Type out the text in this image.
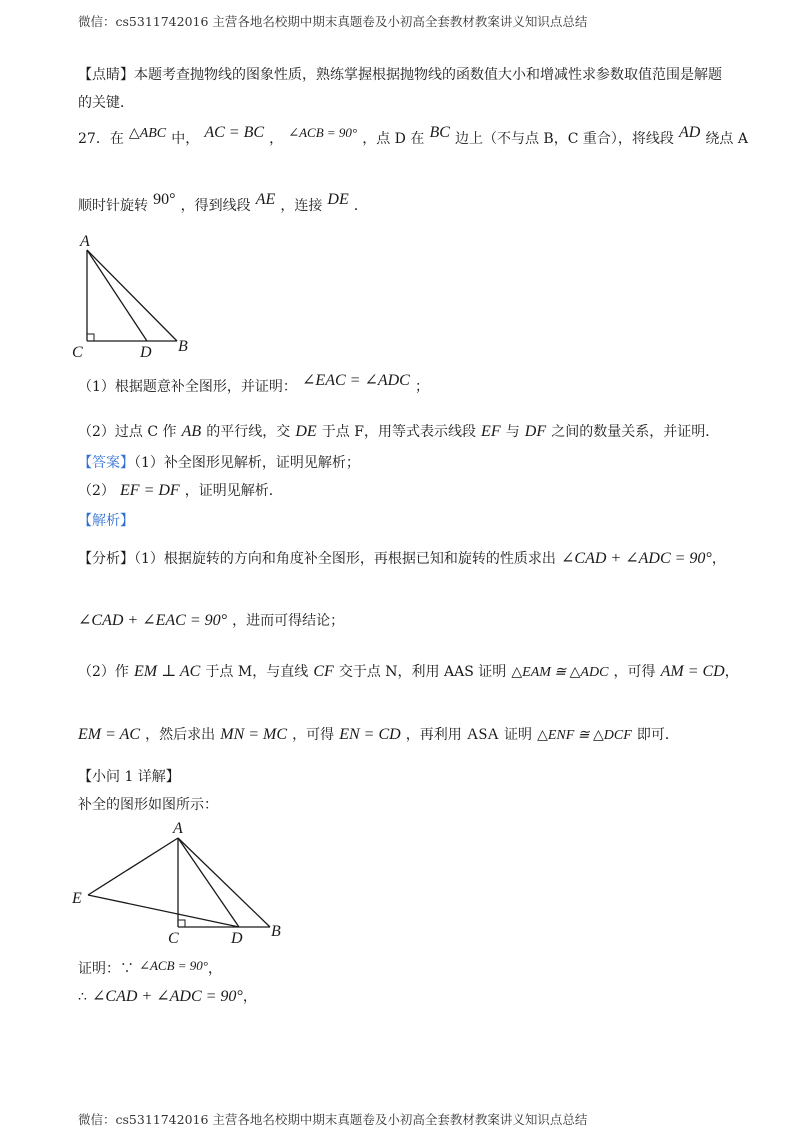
微信：cs5311742016 主营各地名校期中期末真题卷及小初高全套教材教案讲义知识点总结
【点睛】本题考查抛物线的图象性质，熟练掌握根据抛物线的函数值大小和增减性求参数取值范围是解题
的关键．
27．在 △ABC 中， AC = BC ， $^{\angle ACB = 90^\circ}$ ，点 D 在 BC 边上（不与点 B，C 重合），将线段 AD 绕点 A
顺时针旋转 90° ，得到线段 AE ，连接 DE ．
A
C	D B
（1）根据题意补全图形，并证明： ∠EAC = ∠ADC ；
（2）过点 C 作 AB 的平行线，交 DE 于点 F，用等式表示线段 EF 与 DF 之间的数量关系，并证明．
【答案】（1）补全图形见解析，证明见解析；
（2） EF = DF ，证明见解析．
【解析】
【分析】（1）根据旋转的方向和角度补全图形，再根据已知和旋转的性质求出 ∠CAD + ∠ADC = 90°，
∠CAD + ∠EAC = 90° ，进而可得结论；
（2）作 EM ⊥ AC 于点 M，与直线 CF 交于点 N，利用 AAS 证明 △EAM ≅ △ADC ，可得 AM = CD，
EM = AC ，然后求出 MN = MC ，可得 EN = CD ，再利用 ASA 证明 △ENF ≅ △DCF 即可．
【小问 1 详解】
补全的图形如图所示：
A
E
C	D B
证明：∵ ∠ACB = 90°，
∴ ∠CAD + ∠ADC = 90°，
微信：cs5311742016 主营各地名校期中期末真题卷及小初高全套教材教案讲义知识点总结
